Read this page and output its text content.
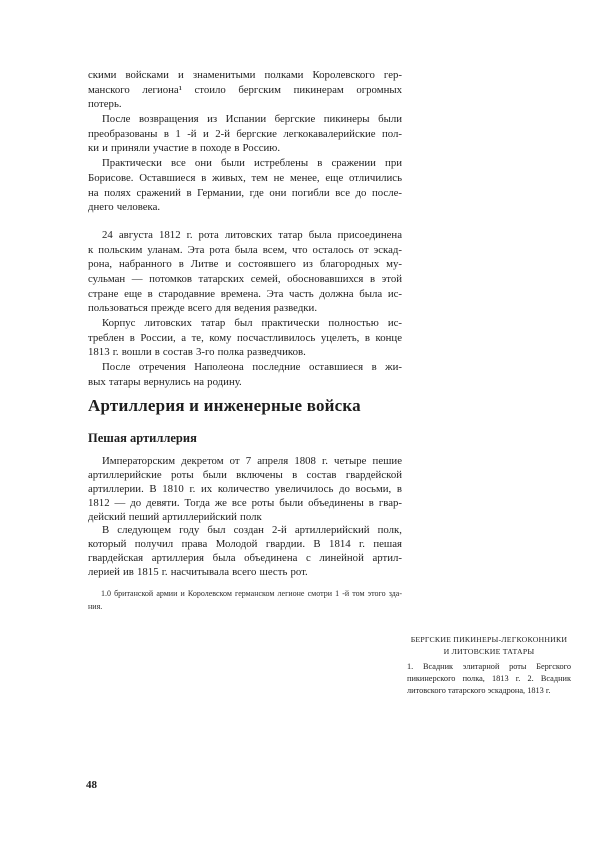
скими войсками и знаменитыми полками Королевского гер-
манского легиона¹ стоило бергским пикинерам огромных
потерь.
После возвращения из Испании бергские пикинеры были
преобразованы в 1 -й и 2-й бергские легкокавалерийские пол-
ки и приняли участие в походе в Россию.
Практически все они были истреблены в сражении при
Борисове. Оставшиеся в живых, тем не менее, еще отличились
на полях сражений в Германии, где они погибли все до после-
днего человека.
24 августа 1812 г. рота литовских татар была присоединена
к польским уланам. Эта рота была всем, что осталось от эскад-
рона, набранного в Литве и состоявшего из благородных му-
сульман — потомков татарских семей, обосновавшихся в этой
стране еще в стародавние времена. Эта часть должна была ис-
пользоваться прежде всего для ведения разведки.
Корпус литовских татар был практически полностью ис-
треблен в России, а те, кому посчастливилось уцелеть, в конце
1813 г. вошли в состав 3-го полка разведчиков.
После отречения Наполеона последние оставшиеся в жи-
вых татары вернулись на родину.
Артиллерия и инженерные войска
Пешая артиллерия
Императорским декретом от 7 апреля 1808 г. четыре пешие
артиллерийские роты были включены в состав гвардейской
артиллерии. В 1810 г. их количество увеличилось до восьми, в
1812 — до девяти. Тогда же все роты были объединены в гвар-
дейский пеший артиллерийский полк
В следующем году был создан 2-й артиллерийский полк,
который получил права Молодой гвардии. В 1814 г. пешая
гвардейская артиллерия была объединена с линейной артил-
лерией ив 1815 г. насчитывала всего шесть рот.
1.0 британской армии и Королевском германском легионе смотри 1 -й том этого зда-
ния.
БЕРГСКИЕ ПИКИНЕРЫ-ЛЕГКОКОННИКИ
И ЛИТОВСКИЕ ТАТАРЫ
1. Всадник элитарной роты Бергского
пикинерского полка, 1813 г. 2. Всадник
литовского татарского эскадрона, 1813 г.
48
